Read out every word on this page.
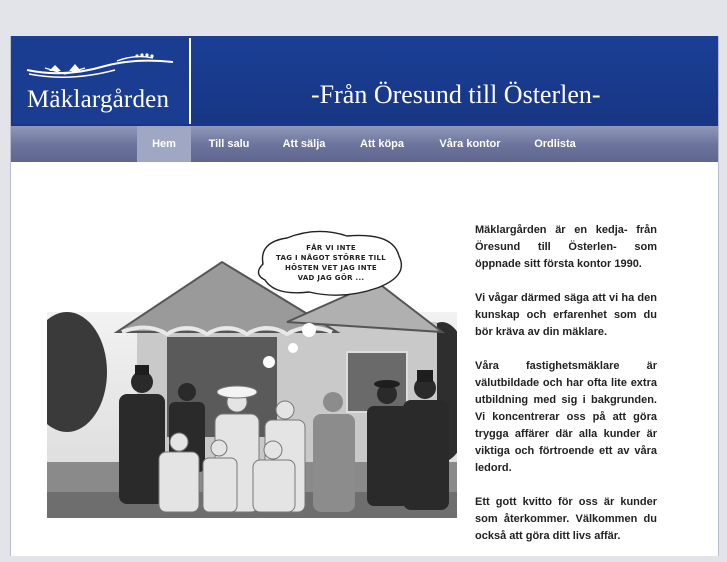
Mäklargården	-Från Öresund till Österlen-
Hem	Till salu	Att sälja	Att köpa	Våra kontor	Ordlista
FÅR VI INTE
TAG I NÅGOT STÖRRE TILL
HÖSTEN VET JAG INTE
VAD JAG GÖR ...

Mäklargården är en kedja- från Öresund till Österlen- som öppnade sitt första kontor 1990.

Vi vågar därmed säga att vi ha den kunskap och erfarenhet som du bör kräva av din mäklare.

Våra fastighetsmäklare är välutbildade och har ofta lite extra utbildning med sig i bakgrunden. Vi koncentrerar oss på att göra trygga affärer där alla kunder är viktiga och förtroende ett av våra ledord.

Ett gott kvitto för oss är kunder som återkommer. Välkommen du också att göra ditt livs affär.
